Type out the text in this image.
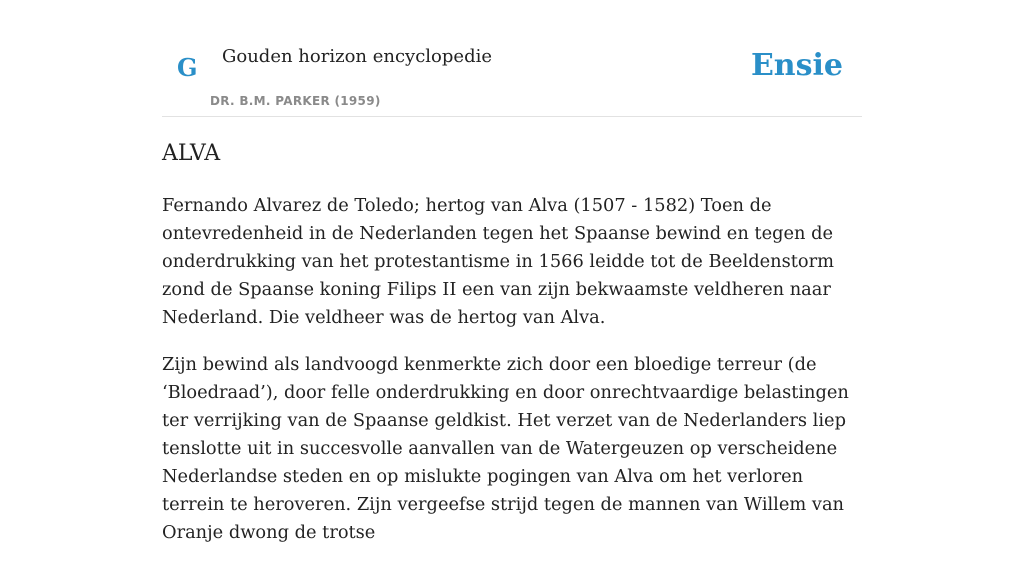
G Gouden horizon encyclopedie
DR. B.M. PARKER (1959)
Ensie
ALVA

Fernando Alvarez de Toledo; hertog van Alva (1507 - 1582) Toen de ontevredenheid in de Nederlanden tegen het Spaanse bewind en tegen de onderdrukking van het protestantisme in 1566 leidde tot de Beeldenstorm zond de Spaanse koning Filips II een van zijn bekwaamste veldheren naar Nederland. Die veldheer was de hertog van Alva.

Zijn bewind als landvoogd kenmerkte zich door een bloedige terreur (de ‘Bloedraad’), door felle onderdrukking en door onrechtvaardige belastingen ter verrijking van de Spaanse geldkist. Het verzet van de Nederlanders liep tenslotte uit in succesvolle aanvallen van de Watergeuzen op verscheidene Nederlandse steden en op mislukte pogingen van Alva om het verloren terrein te heroveren. Zijn vergeefse strijd tegen de mannen van Willem van Oranje dwong de trotse
